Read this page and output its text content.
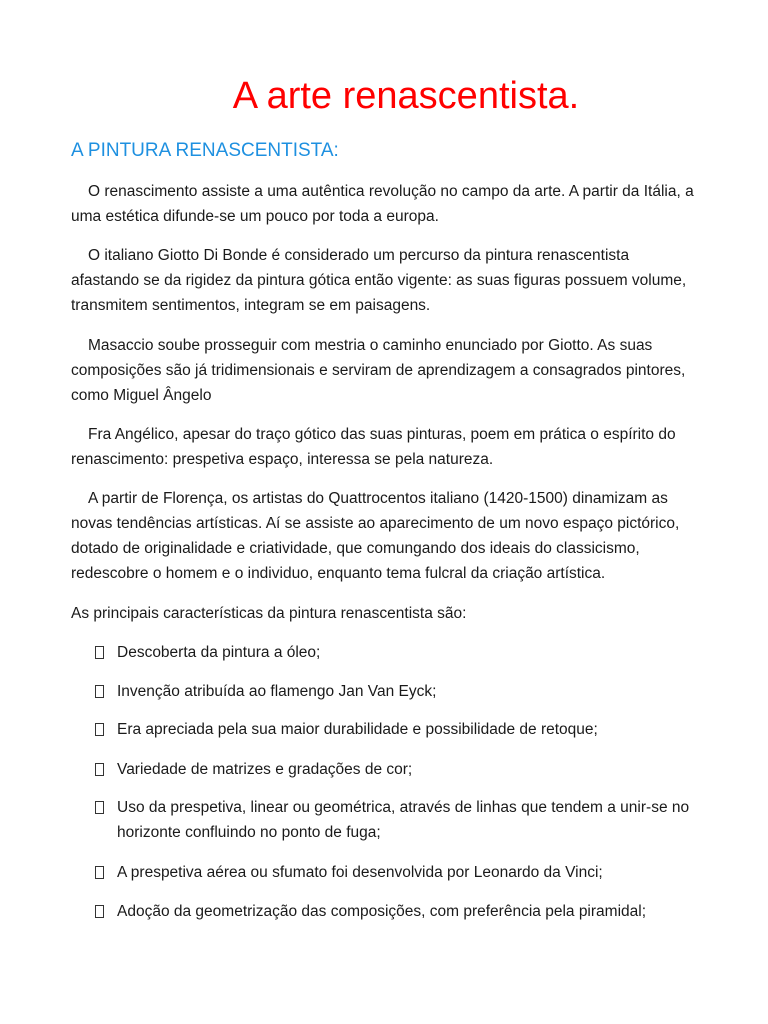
A arte renascentista.
A PINTURA RENASCENTISTA:

O renascimento assiste a uma autêntica revolução no campo da arte. A partir da Itália, a uma estética difunde-se um pouco por toda a europa.

O italiano Giotto Di Bonde é considerado um percurso da pintura renascentista afastando se da rigidez da pintura gótica então vigente: as suas figuras possuem volume, transmitem sentimentos, integram se em paisagens.

Masaccio soube prosseguir com mestria o caminho enunciado por Giotto. As suas composições são já tridimensionais e serviram de aprendizagem a consagrados pintores, como Miguel Ângelo

Fra Angélico, apesar do traço gótico das suas pinturas, poem em prática o espírito do renascimento: prespetiva espaço, interessa se pela natureza.

A partir de Florença, os artistas do Quattrocentos italiano (1420-1500) dinamizam as novas tendências artísticas. Aí se assiste ao aparecimento de um novo espaço pictórico, dotado de originalidade e criatividade, que comungando dos ideais do classicismo, redescobre o homem e o individuo, enquanto tema fulcral da criação artística.

As principais características da pintura renascentista são:

Descoberta da pintura a óleo;
Invenção atribuída ao flamengo Jan Van Eyck;
Era apreciada pela sua maior durabilidade e possibilidade de retoque;
Variedade de matrizes e gradações de cor;
Uso da prespetiva, linear ou geométrica, através de linhas que tendem a unir-se no horizonte confluindo no ponto de fuga;
A prespetiva aérea ou sfumato foi desenvolvida por Leonardo da Vinci;
Adoção da geometrização das composições, com preferência pela piramidal;
